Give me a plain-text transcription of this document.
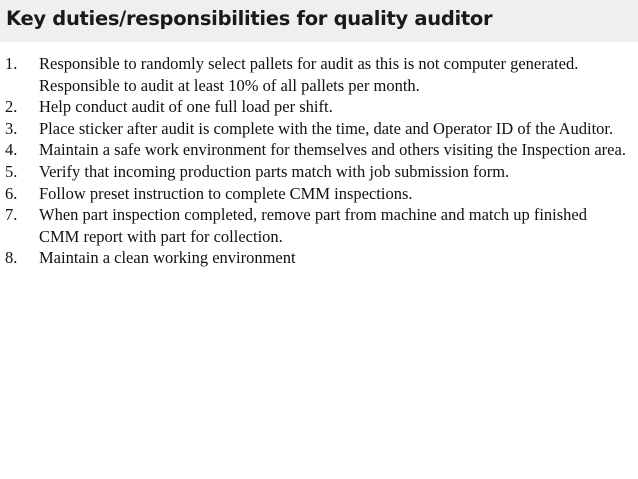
Key duties/responsibilities for quality auditor
1. Responsible to randomly select pallets for audit as this is not computer generated. Responsible to audit at least 10% of all pallets per month.
2. Help conduct audit of one full load per shift.
3. Place sticker after audit is complete with the time, date and Operator ID of the Auditor.
4. Maintain a safe work environment for themselves and others visiting the Inspection area.
5. Verify that incoming production parts match with job submission form.
6. Follow preset instruction to complete CMM inspections.
7. When part inspection completed, remove part from machine and match up finished CMM report with part for collection.
8. Maintain a clean working environment
